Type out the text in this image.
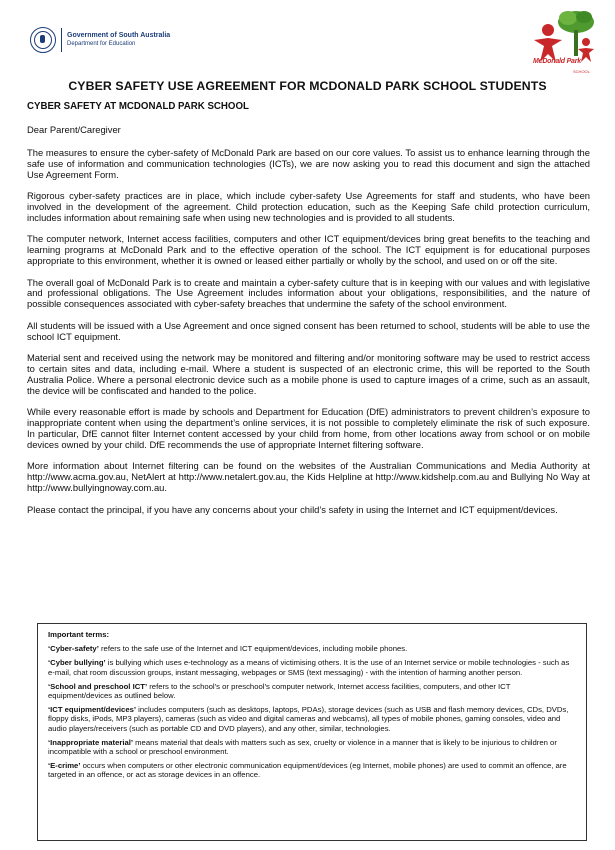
Government of South Australia
Department for Education
McDonald Park
SCHOOL
CYBER SAFETY USE AGREEMENT FOR MCDONALD PARK SCHOOL STUDENTS
CYBER SAFETY AT MCDONALD PARK SCHOOL

Dear Parent/Caregiver

The measures to ensure the cyber-safety of McDonald Park are based on our core values. To assist us to enhance learning through the safe use of information and communication technologies (ICTs), we are now asking you to read this document and sign the attached Use Agreement Form.

Rigorous cyber-safety practices are in place, which include cyber-safety Use Agreements for staff and students, who have been involved in the development of the agreement. Child protection education, such as the Keeping Safe child protection curriculum, includes information about remaining safe when using new technologies and is provided to all students.

The computer network, Internet access facilities, computers and other ICT equipment/devices bring great benefits to the teaching and learning programs at McDonald Park and to the effective operation of the school. The ICT equipment is for educational purposes appropriate to this environment, whether it is owned or leased either partially or wholly by the school, and used on or off the site.

The overall goal of McDonald Park is to create and maintain a cyber-safety culture that is in keeping with our values and with legislative and professional obligations. The Use Agreement includes information about your obligations, responsibilities, and the nature of possible consequences associated with cyber-safety breaches that undermine the safety of the school environment.

All students will be issued with a Use Agreement and once signed consent has been returned to school, students will be able to use the school ICT equipment.

Material sent and received using the network may be monitored and filtering and/or monitoring software may be used to restrict access to certain sites and data, including e-mail. Where a student is suspected of an electronic crime, this will be reported to the South Australia Police. Where a personal electronic device such as a mobile phone is used to capture images of a crime, such as an assault, the device will be confiscated and handed to the police.

While every reasonable effort is made by schools and Department for Education (DfE) administrators to prevent children’s exposure to inappropriate content when using the department’s online services, it is not possible to completely eliminate the risk of such exposure. In particular, DfE cannot filter Internet content accessed by your child from home, from other locations away from school or on mobile devices owned by your child. DfE recommends the use of appropriate Internet filtering software.

More information about Internet filtering can be found on the websites of the Australian Communications and Media Authority at http://www.acma.gov.au, NetAlert at http://www.netalert.gov.au, the Kids Helpline at http://www.kidshelp.com.au and Bullying No Way at http://www.bullyingnoway.com.au.

Please contact the principal, if you have any concerns about your child’s safety in using the Internet and ICT equipment/devices.

Important terms:
‘Cyber-safety’ refers to the safe use of the Internet and ICT equipment/devices, including mobile phones.
‘Cyber bullying’ is bullying which uses e-technology as a means of victimising others. It is the use of an Internet service or mobile technologies - such as e-mail, chat room discussion groups, instant messaging, webpages or SMS (text messaging) - with the intention of harming another person.
‘School and preschool ICT’ refers to the school’s or preschool’s computer network, Internet access facilities, computers, and other ICT equipment/devices as outlined below.
‘ICT equipment/devices’ includes computers (such as desktops, laptops, PDAs), storage devices (such as USB and flash memory devices, CDs, DVDs, floppy disks, iPods, MP3 players), cameras (such as video and digital cameras and webcams), all types of mobile phones, gaming consoles, video and audio players/receivers (such as portable CD and DVD players), and any other, similar, technologies.
‘Inappropriate material’ means material that deals with matters such as sex, cruelty or violence in a manner that is likely to be injurious to children or incompatible with a school or preschool environment.
‘E-crime’ occurs when computers or other electronic communication equipment/devices (eg Internet, mobile phones) are used to commit an offence, are targeted in an offence, or act as storage devices in an offence.
